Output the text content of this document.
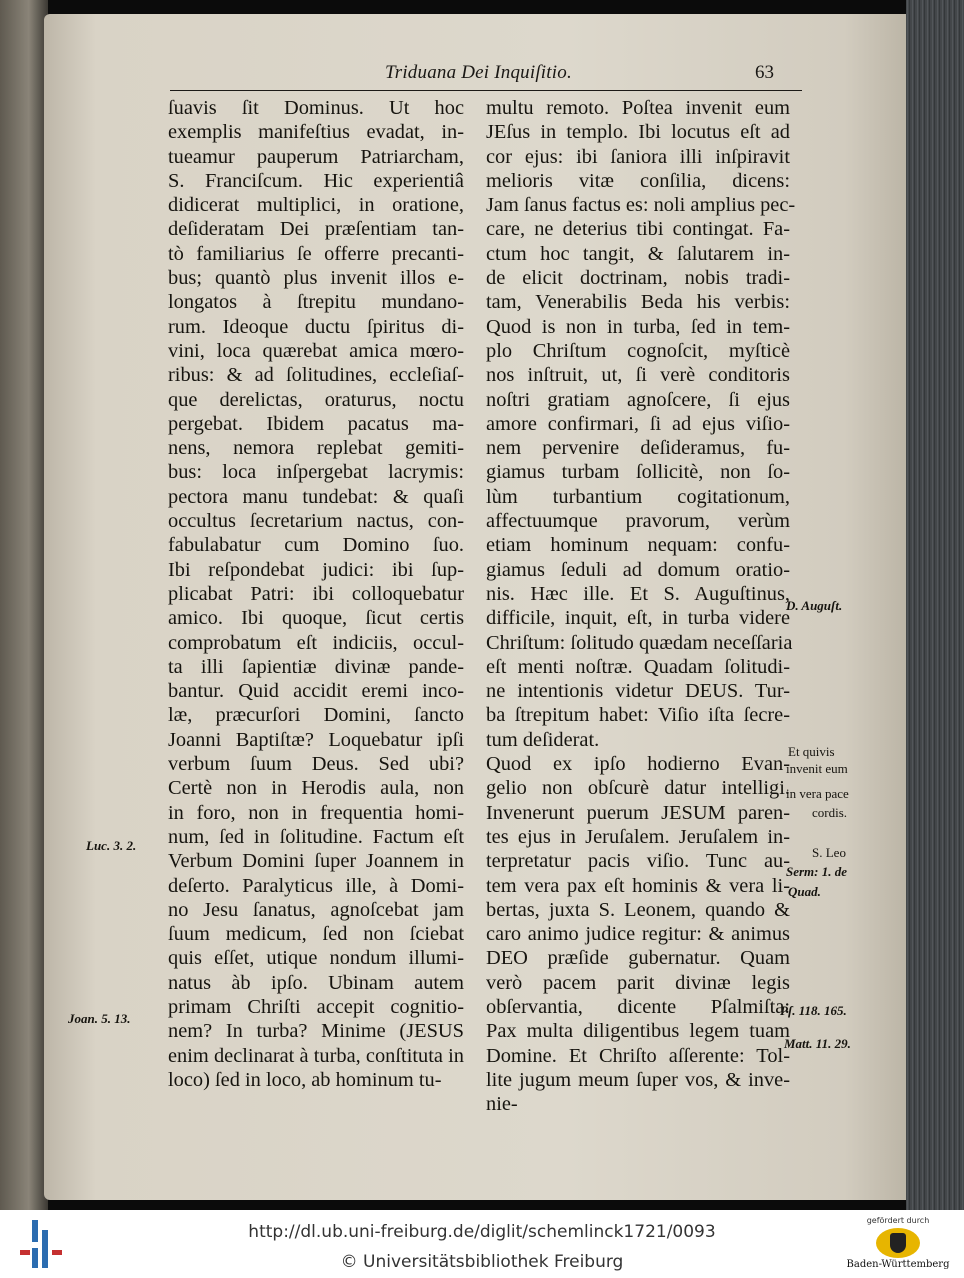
Triduana Dei Inquiſitio.	63
ſuavis ſit Dominus. Ut hoc
exemplis manifeſtius evadat, in-
tueamur pauperum Patriarcham,
S. Franciſcum. Hic experientiâ
didicerat multiplici, in oratione,
deſideratam Dei præſentiam tan-
tò familiarius ſe offerre precanti-
bus; quantò plus invenit illos e-
longatos à ſtrepitu mundano-
rum. Ideoque ductu ſpiritus di-
vini, loca quærebat amica mœro-
ribus: & ad ſolitudines, eccleſiaſ-
que derelictas, oraturus, noctu
pergebat. Ibidem pacatus ma-
nens, nemora replebat gemiti-
bus: loca inſpergebat lacrymis:
pectora manu tundebat: & quaſi
occultus ſecretarium nactus, con-
fabulabatur cum Domino ſuo.
Ibi reſpondebat judici: ibi ſup-
plicabat Patri: ibi colloquebatur
amico. Ibi quoque, ſicut certis
comprobatum eſt indiciis, occul-
ta illi ſapientiæ divinæ pande-
bantur. Quid accidit eremi inco-
læ, præcurſori Domini, ſancto
Joanni Baptiſtæ? Loquebatur ipſi
verbum ſuum Deus. Sed ubi?
Certè non in Herodis aula, non
in foro, non in frequentia homi-
num, ſed in ſolitudine. Factum eſt
Verbum Domini ſuper Joannem in
deſerto. Paralyticus ille, à Domi-
no Jesu ſanatus, agnoſcebat jam
ſuum medicum, ſed non ſciebat
quis eſſet, utique nondum illumi-
natus àb ipſo. Ubinam autem
primam Chriſti accepit cognitio-
nem? In turba? Minime (JESUS
enim declinarat à turba, conſtituta in
loco) ſed in loco, ab hominum tu-
multu remoto. Poſtea invenit eum
JEſus in templo. Ibi locutus eſt ad
cor ejus: ibi ſaniora illi inſpiravit
melioris vitæ conſilia, dicens:
Jam ſanus factus es: noli amplius pec-
care, ne deterius tibi contingat. Fa-
ctum hoc tangit, & ſalutarem in-
de elicit doctrinam, nobis tradi-
tam, Venerabilis Beda his verbis:
Quod is non in turba, ſed in tem-
plo Chriſtum cognoſcit, myſticè
nos inſtruit, ut, ſi verè conditoris
noſtri gratiam agnoſcere, ſi ejus
amore confirmari, ſi ad ejus viſio-
nem pervenire deſideramus, fu-
giamus turbam ſollicitè, non ſo-
lùm turbantium cogitationum,
affectuumque pravorum, verùm
etiam hominum nequam: confu-
giamus ſeduli ad domum oratio-
nis. Hæc ille. Et S. Auguſtinus,
difficile, inquit, eſt, in turba videre
Chriſtum: ſolitudo quædam neceſſaria
eſt menti noſtræ. Quadam ſolitudi-
ne intentionis videtur DEUS. Tur-
ba ſtrepitum habet: Viſio iſta ſecre-
tum deſiderat.
Quod ex ipſo hodierno Evan-
gelio non obſcurè datur intelligi.
Invenerunt puerum JESUM paren-
tes ejus in Jeruſalem. Jeruſalem in-
terpretatur pacis viſio. Tunc au-
tem vera pax eſt hominis & vera li-
bertas, juxta S. Leonem, quando &
caro animo judice regitur: & animus
DEO præſide gubernatur. Quam
verò pacem parit divinæ legis
obſervantia, dicente Pſalmiſta:
Pax multa diligentibus legem tuam
Domine. Et Chriſto aſſerente: Tol-
lite jugum meum ſuper vos, & inve-
nie-
D. Auguſt.
Et quivis
invenit eum
in vera pace
cordis.
S. Leo
Serm: 1. de
Quad.
Pſ. 118. 165.
Matt. 11. 29.
Luc. 3. 2.
Joan. 5. 13.
http://dl.ub.uni-freiburg.de/diglit/schemlinck1721/0093
© Universitätsbibliothek Freiburg
gefördert durch
Baden-Württemberg
